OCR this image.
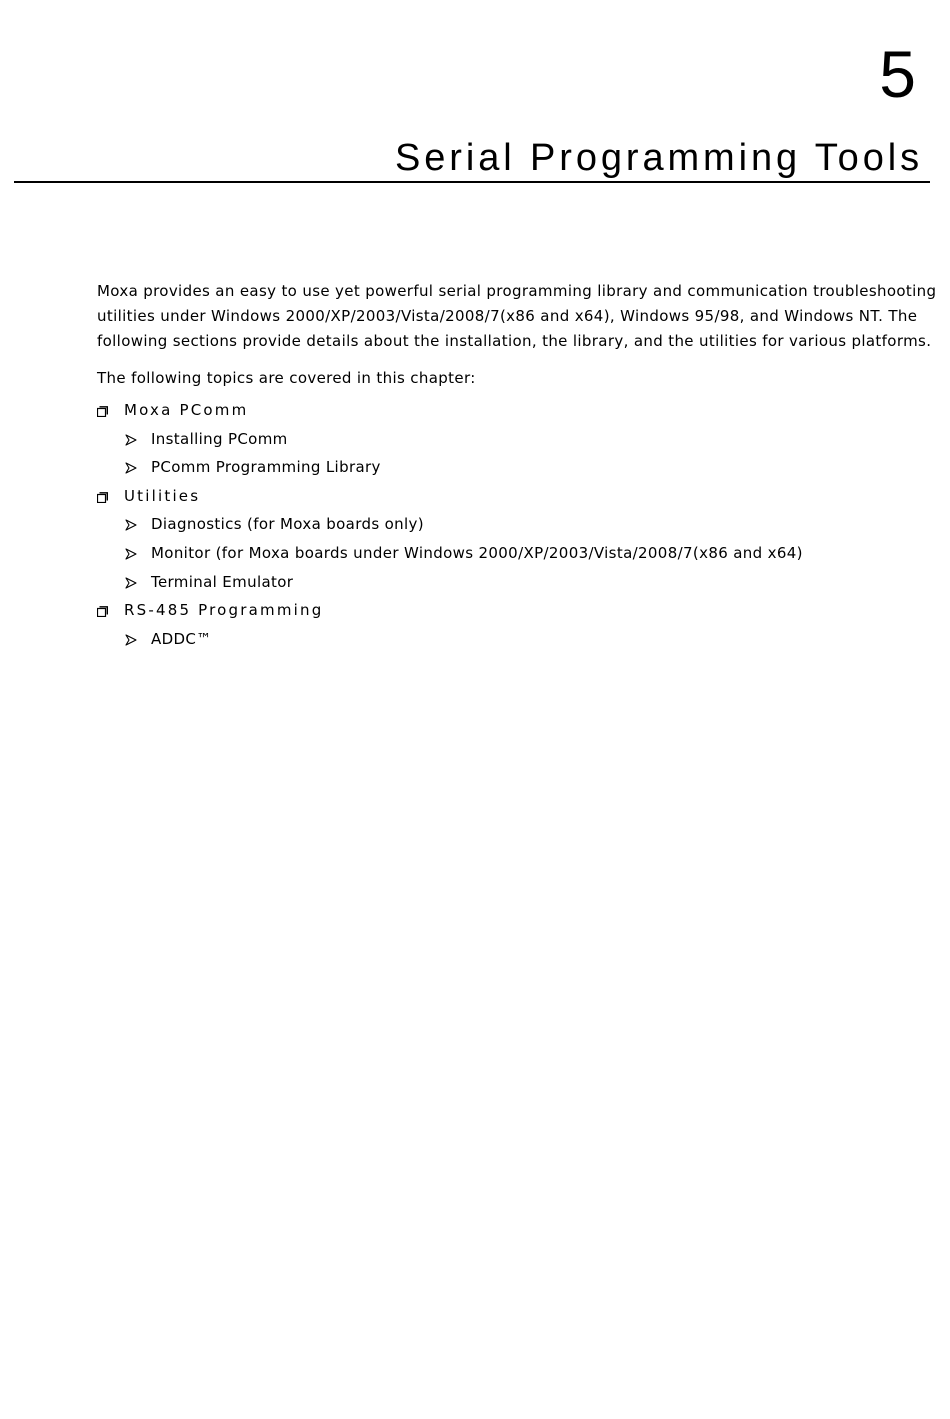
5
Serial Programming Tools

Moxa provides an easy to use yet powerful serial programming library and communication troubleshooting

utilities under Windows 2000/XP/2003/Vista/2008/7(x86 and x64), Windows 95/98, and Windows NT. The

following sections provide details about the installation, the library, and the utilities for various platforms.

The following topics are covered in this chapter:

Moxa PComm
Installing PComm
PComm Programming Library
Utilities
Diagnostics (for Moxa boards only)
Monitor (for Moxa boards under Windows 2000/XP/2003/Vista/2008/7(x86 and x64)
Terminal Emulator
RS-485 Programming
ADDC™
